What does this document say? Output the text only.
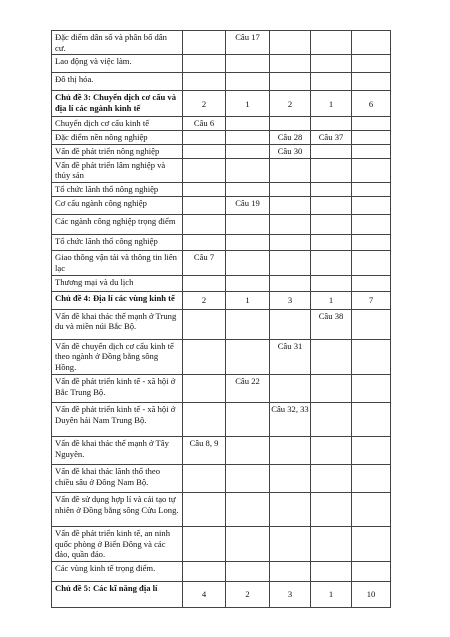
Đặc điểm dân số và phân bố dân cư.		Câu 17			
Lao động và việc làm.					
Đô thị hóa.					
Chủ đề 3: Chuyển dịch cơ cấu và địa lí các ngành kinh tế	2	1	2	1	6
Chuyển dịch cơ cấu kinh tế	Câu 6				
Đặc điểm nền nông nghiệp			Câu 28	Câu 37	
Vấn đề phát triển nông nghiệp			Câu 30		
Vấn đề phát triển lâm nghiệp và thủy sản					
Tổ chức lãnh thổ nông nghiệp					
Cơ cấu ngành công nghiệp		Câu 19			
Các ngành công nghiệp trọng điểm					
Tổ chức lãnh thổ công nghiệp					
Giao thông vận tải và thông tin liên lạc	Câu 7				
Thương mại và du lịch					
Chủ đề 4: Địa lí các vùng kinh tế	2	1	3	1	7
Vấn đề khai thác thế mạnh ở Trung du và miền núi Bắc Bộ.				Câu 38	
Vấn đề chuyển dịch cơ cấu kinh tế theo ngành ở Đồng bằng sông Hồng.			Câu 31		
Vấn đề phát triển kinh tế - xã hội ở Bắc Trung Bộ.		Câu 22			
Vấn đề phát triển kinh tế - xã hội ở Duyên hải Nam Trung Bộ.			Câu 32, 33		
Vấn đề khai thác thế mạnh ở Tây Nguyên.	Câu 8, 9				
Vấn đề khai thác lãnh thổ theo chiều sâu ở Đông Nam Bộ.					
Vấn đề sử dụng hợp lí và cải tạo tự nhiên ở Đồng bằng sông Cửu Long.					
Vấn đề phát triển kinh tế, an ninh quốc phòng ở Biển Đông và các đảo, quần đảo.					
Các vùng kinh tế trọng điểm.					
Chủ đề 5: Các kĩ năng địa lí	4	2	3	1	10
